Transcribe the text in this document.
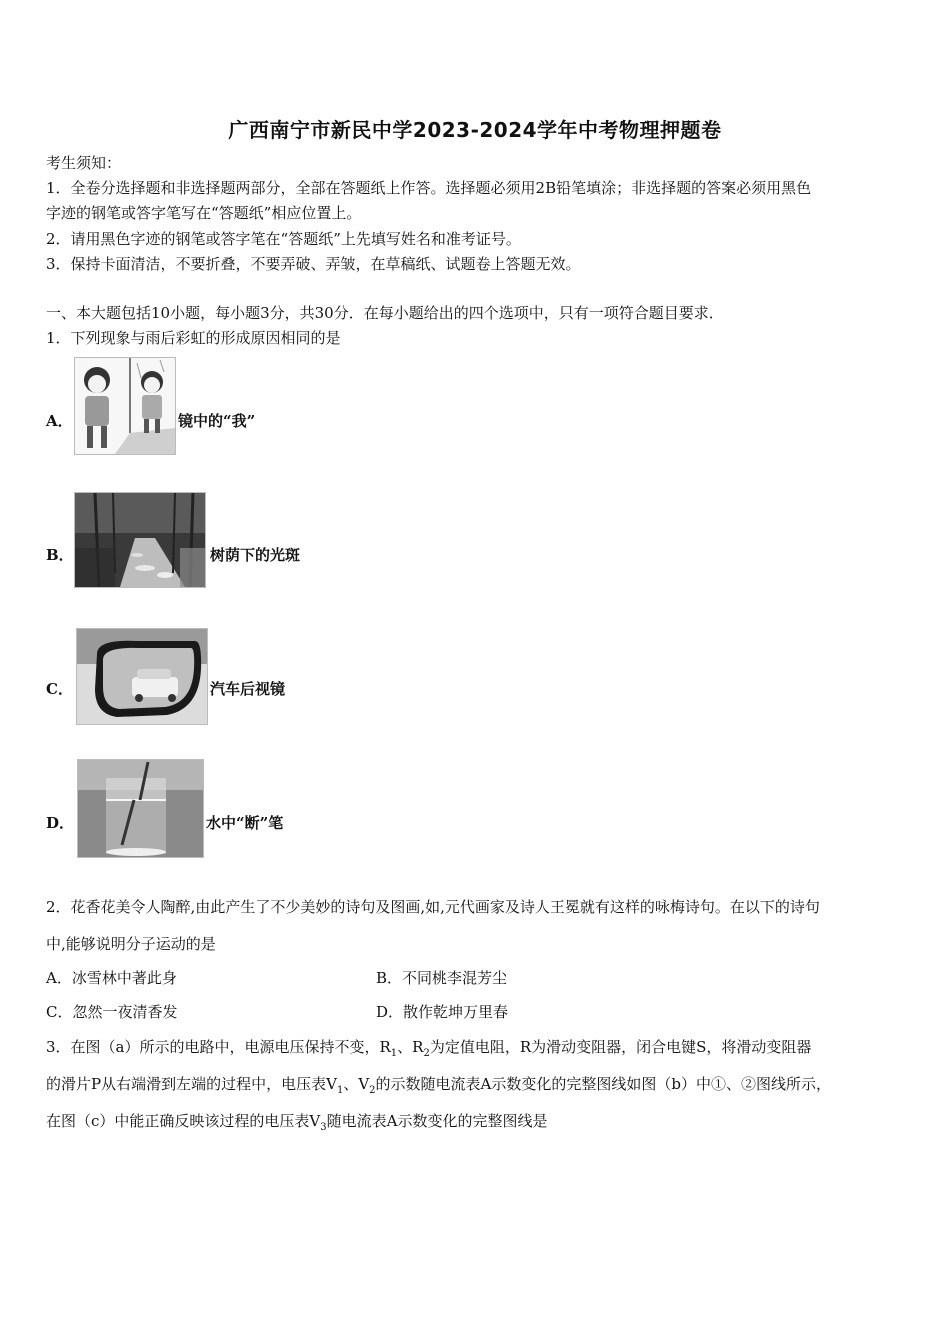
广西南宁市新民中学2023-2024学年中考物理押题卷
考生须知：
1．全卷分选择题和非选择题两部分，全部在答题纸上作答。选择题必须用2B铅笔填涂；非选择题的答案必须用黑色
字迹的钢笔或答字笔写在“答题纸”相应位置上。
2．请用黑色字迹的钢笔或答字笔在“答题纸”上先填写姓名和准考证号。
3．保持卡面清洁，不要折叠，不要弄破、弄皱，在草稿纸、试题卷上答题无效。
一、本大题包括10小题，每小题3分，共30分．在每小题给出的四个选项中，只有一项符合题目要求．
1．下列现象与雨后彩虹的形成原因相同的是
A．	镜中的“我”
B．	树荫下的光斑
C．	汽车后视镜
D．	水中“断”笔
2．花香花美令人陶醉,由此产生了不少美妙的诗句及图画,如,元代画家及诗人王冕就有这样的咏梅诗句。在以下的诗句
中,能够说明分子运动的是
A．冰雪林中著此身	B．不同桃李混芳尘
C．忽然一夜清香发	D．散作乾坤万里春
3．在图（a）所示的电路中，电源电压保持不变，$R_1$、$R_2$为定值电阻，R为滑动变阻器，闭合电键S，将滑动变阻器
的滑片P从右端滑到左端的过程中，电压表$V_1$、$V_2$的示数随电流表A示数变化的完整图线如图（b）中①、②图线所示，
在图（c）中能正确反映该过程的电压表$V_3$随电流表A示数变化的完整图线是
